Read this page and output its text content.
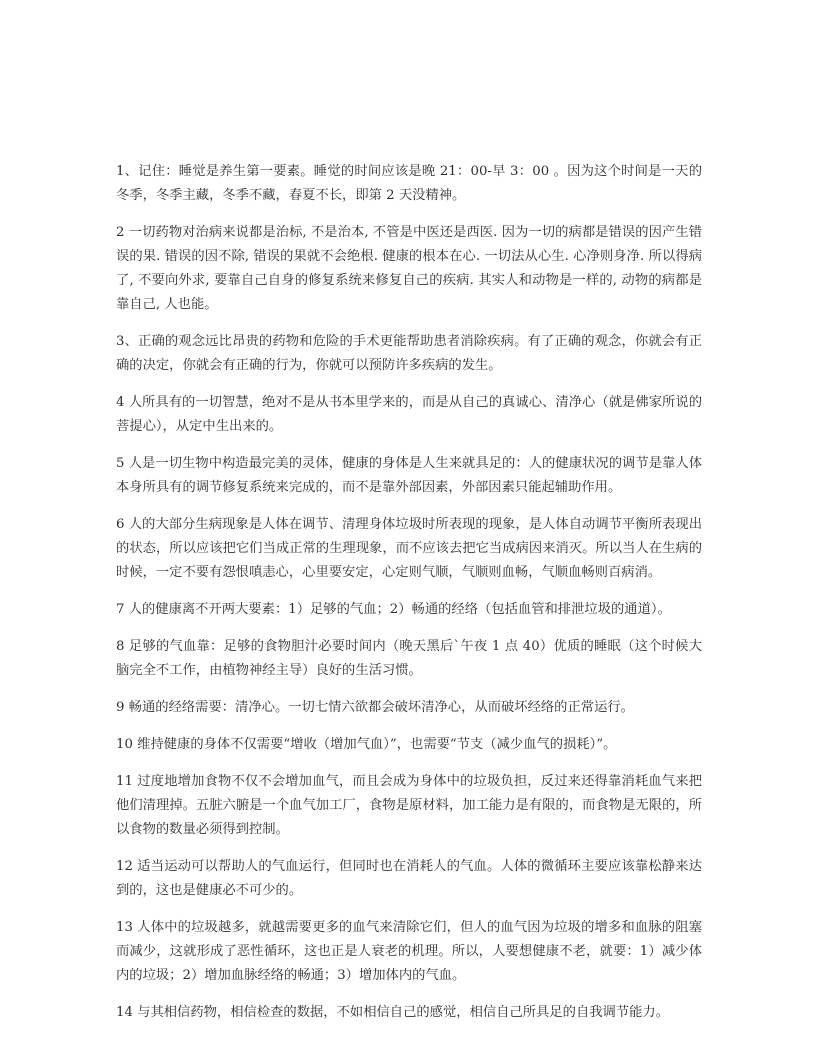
1、记住：睡觉是养生第一要素。睡觉的时间应该是晚 21：00-早 3：00 。因为这个时间是一天的冬季，冬季主藏，冬季不藏，春夏不长，即第 2 天没精神。

2 一切药物对治病来说都是治标, 不是治本, 不管是中医还是西医. 因为一切的病都是错误的因产生错误的果. 错误的因不除, 错误的果就不会绝根. 健康的根本在心. 一切法从心生. 心净则身净. 所以得病了, 不要向外求, 要靠自己自身的修复系统来修复自己的疾病. 其实人和动物是一样的, 动物的病都是靠自己, 人也能。

3、正确的观念远比昂贵的药物和危险的手术更能帮助患者消除疾病。有了正确的观念，你就会有正确的决定，你就会有正确的行为，你就可以预防许多疾病的发生。

4 人所具有的一切智慧，绝对不是从书本里学来的，而是从自己的真诚心、清净心（就是佛家所说的菩提心），从定中生出来的。

5 人是一切生物中构造最完美的灵体，健康的身体是人生来就具足的：人的健康状况的调节是靠人体本身所具有的调节修复系统来完成的，而不是靠外部因素，外部因素只能起辅助作用。

6 人的大部分生病现象是人体在调节、清理身体垃圾时所表现的现象，是人体自动调节平衡所表现出的状态，所以应该把它们当成正常的生理现象，而不应该去把它当成病因来消灭。所以当人在生病的时候，一定不要有怨恨嗔恚心，心里要安定，心定则气顺，气顺则血畅，气顺血畅则百病消。

7 人的健康离不开两大要素：1）足够的气血；2）畅通的经络（包括血管和排泄垃圾的通道）。

8 足够的气血靠：足够的食物胆汁必要时间内（晚天黑后`午夜 1 点 40）优质的睡眠（这个时候大脑完全不工作，由植物神经主导）良好的生活习惯。

9 畅通的经络需要：清净心。一切七情六欲都会破坏清净心，从而破坏经络的正常运行。

10 维持健康的身体不仅需要“增收（增加气血）”，也需要“节支（减少血气的损耗）”。

11 过度地增加食物不仅不会增加血气，而且会成为身体中的垃圾负担，反过来还得靠消耗血气来把他们清理掉。五脏六腑是一个血气加工厂，食物是原材料，加工能力是有限的，而食物是无限的，所以食物的数量必须得到控制。

12 适当运动可以帮助人的气血运行，但同时也在消耗人的气血。人体的微循环主要应该靠松静来达到的，这也是健康必不可少的。

13 人体中的垃圾越多，就越需要更多的血气来清除它们，但人的血气因为垃圾的增多和血脉的阻塞而减少，这就形成了恶性循环，这也正是人衰老的机理。所以，人要想健康不老，就要：1）减少体内的垃圾；2）增加血脉经络的畅通；3）增加体内的气血。

14 与其相信药物，相信检查的数据，不如相信自己的感觉，相信自己所具足的自我调节能力。
